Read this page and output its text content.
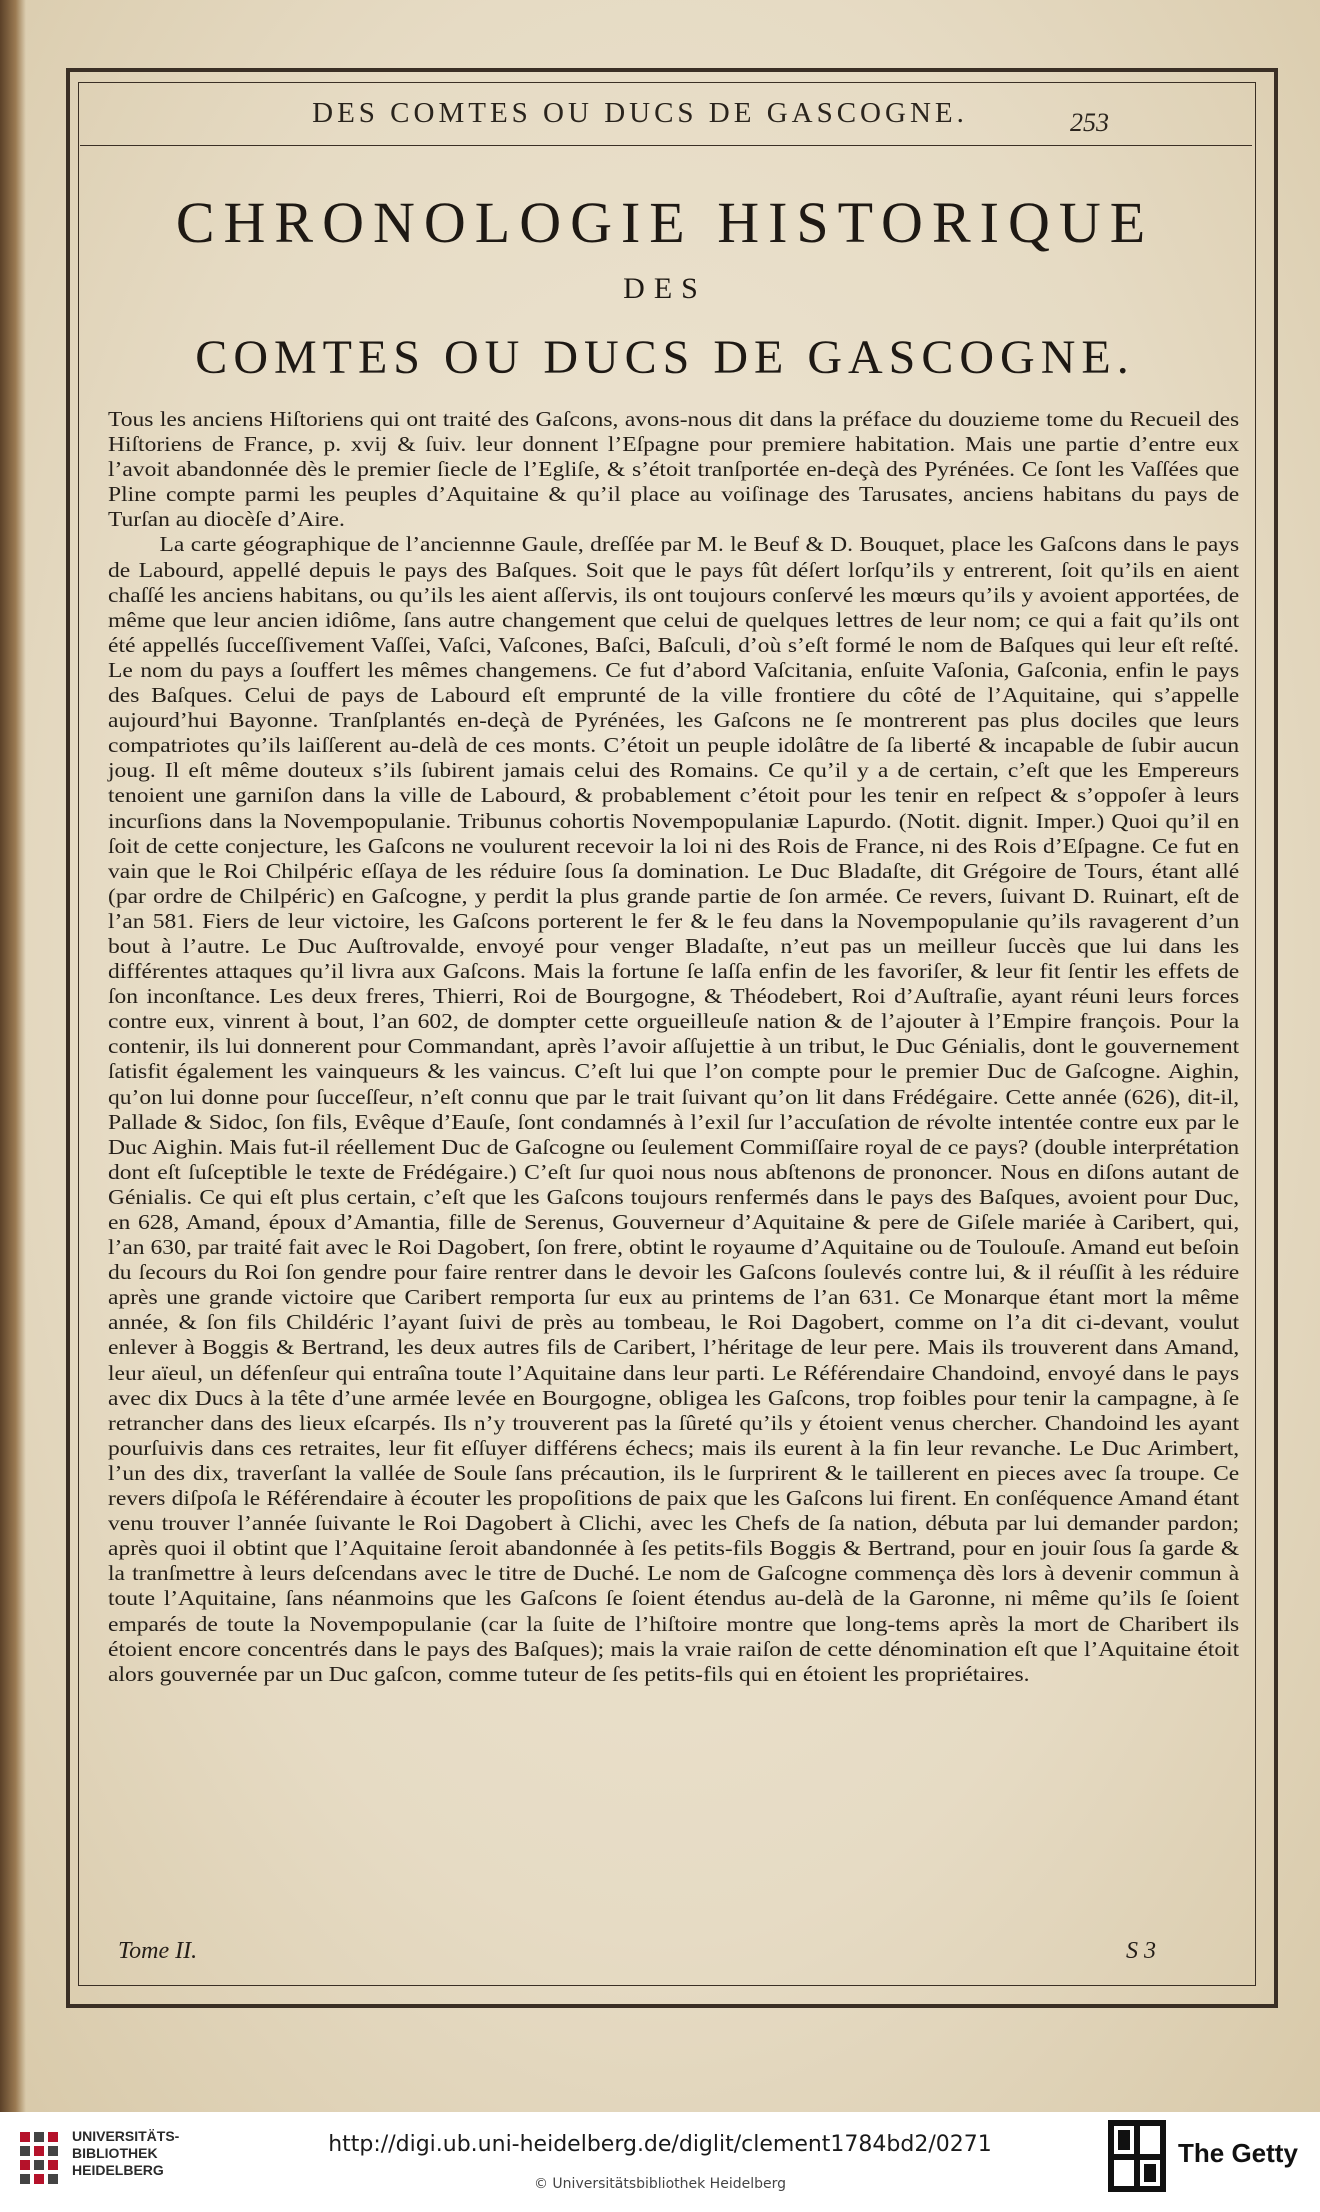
DES COMTES OU DUCS DE GASCOGNE.	253
CHRONOLOGIE HISTORIQUE
DES
COMTES OU DUCS DE GASCOGNE.

Tous les anciens Hiſtoriens qui ont traité des Gaſcons, avons-nous dit dans la préface du douzieme tome du Recueil des Hiſtoriens de France, p. xvij & ſuiv. leur donnent l’Eſpagne pour premiere habitation. Mais une partie d’entre eux l’avoit abandonnée dès le premier ſiecle de l’Egliſe, & s’étoit tranſportée en-deçà des Pyrénées. Ce ſont les Vaſſées que Pline compte parmi les peuples d’Aquitaine & qu’il place au voiſinage des Tarusates, anciens habitans du pays de Turſan au diocèſe d’Aire.

La carte géographique de l’anciennne Gaule, dreſſée par M. le Beuf & D. Bouquet, place les Gaſcons dans le pays de Labourd, appellé depuis le pays des Baſques. Soit que le pays fût déſert lorſqu’ils y entrerent, ſoit qu’ils en aient chaſſé les anciens habitans, ou qu’ils les aient aſſervis, ils ont toujours conſervé les mœurs qu’ils y avoient apportées, de même que leur ancien idiôme, ſans autre changement que celui de quelques lettres de leur nom; ce qui a fait qu’ils ont été appellés ſucceſſivement Vaſſei, Vaſci, Vaſcones, Baſci, Baſculi, d’où s’eſt formé le nom de Baſques qui leur eſt reſté. Le nom du pays a ſouffert les mêmes changemens. Ce fut d’abord Vaſcitania, enſuite Vaſonia, Gaſconia, enfin le pays des Baſques. Celui de pays de Labourd eſt emprunté de la ville frontiere du côté de l’Aquitaine, qui s’appelle aujourd’hui Bayonne. Tranſplantés en-deçà de Pyrénées, les Gaſcons ne ſe montrerent pas plus dociles que leurs compatriotes qu’ils laiſſerent au-delà de ces monts. C’étoit un peuple idolâtre de ſa liberté & incapable de ſubir aucun joug. Il eſt même douteux s’ils ſubirent jamais celui des Romains. Ce qu’il y a de certain, c’eſt que les Empereurs tenoient une garniſon dans la ville de Labourd, & probablement c’étoit pour les tenir en reſpect & s’oppoſer à leurs incurſions dans la Novempopulanie. Tribunus cohortis Novempopulaniæ Lapurdo. (Notit. dignit. Imper.) Quoi qu’il en ſoit de cette conjecture, les Gaſcons ne voulurent recevoir la loi ni des Rois de France, ni des Rois d’Eſpagne. Ce fut en vain que le Roi Chilpéric eſſaya de les réduire ſous ſa domination. Le Duc Bladaſte, dit Grégoire de Tours, étant allé (par ordre de Chilpéric) en Gaſcogne, y perdit la plus grande partie de ſon armée. Ce revers, ſuivant D. Ruinart, eſt de l’an 581. Fiers de leur victoire, les Gaſcons porterent le fer & le feu dans la Novempopulanie qu’ils ravagerent d’un bout à l’autre. Le Duc Auſtrovalde, envoyé pour venger Bladaſte, n’eut pas un meilleur ſuccès que lui dans les différentes attaques qu’il livra aux Gaſcons. Mais la fortune ſe laſſa enfin de les favoriſer, & leur fit ſentir les effets de ſon inconſtance. Les deux freres, Thierri, Roi de Bourgogne, & Théodebert, Roi d’Auſtraſie, ayant réuni leurs forces contre eux, vinrent à bout, l’an 602, de dompter cette orgueilleuſe nation & de l’ajouter à l’Empire françois. Pour la contenir, ils lui donnerent pour Commandant, après l’avoir aſſujettie à un tribut, le Duc Génialis, dont le gouvernement ſatisfit également les vainqueurs & les vaincus. C’eſt lui que l’on compte pour le premier Duc de Gaſcogne. Aighin, qu’on lui donne pour ſucceſſeur, n’eſt connu que par le trait ſuivant qu’on lit dans Frédégaire. Cette année (626), dit-il, Pallade & Sidoc, ſon fils, Evêque d’Eauſe, ſont condamnés à l’exil ſur l’accuſation de révolte intentée contre eux par le Duc Aighin. Mais fut-il réellement Duc de Gaſcogne ou ſeulement Commiſſaire royal de ce pays? (double interprétation dont eſt ſuſceptible le texte de Frédégaire.) C’eſt ſur quoi nous nous abſtenons de prononcer. Nous en diſons autant de Génialis. Ce qui eſt plus certain, c’eſt que les Gaſcons toujours renfermés dans le pays des Baſques, avoient pour Duc, en 628, Amand, époux d’Amantia, fille de Serenus, Gouverneur d’Aquitaine & pere de Giſele mariée à Caribert, qui, l’an 630, par traité fait avec le Roi Dagobert, ſon frere, obtint le royaume d’Aquitaine ou de Toulouſe. Amand eut beſoin du ſecours du Roi ſon gendre pour faire rentrer dans le devoir les Gaſcons ſoulevés contre lui, & il réuſſit à les réduire après une grande victoire que Caribert remporta ſur eux au printems de l’an 631. Ce Monarque étant mort la même année, & ſon fils Childéric l’ayant ſuivi de près au tombeau, le Roi Dagobert, comme on l’a dit ci-devant, voulut enlever à Boggis & Bertrand, les deux autres fils de Caribert, l’héritage de leur pere. Mais ils trouverent dans Amand, leur aïeul, un défenſeur qui entraîna toute l’Aquitaine dans leur parti. Le Référendaire Chandoind, envoyé dans le pays avec dix Ducs à la tête d’une armée levée en Bourgogne, obligea les Gaſcons, trop foibles pour tenir la campagne, à ſe retrancher dans des lieux eſcarpés. Ils n’y trouverent pas la ſûreté qu’ils y étoient venus chercher. Chandoind les ayant pourſuivis dans ces retraites, leur fit eſſuyer différens échecs; mais ils eurent à la fin leur revanche. Le Duc Arimbert, l’un des dix, traverſant la vallée de Soule ſans précaution, ils le ſurprirent & le taillerent en pieces avec ſa troupe. Ce revers diſpoſa le Référendaire à écouter les propoſitions de paix que les Gaſcons lui firent. En conſéquence Amand étant venu trouver l’année ſuivante le Roi Dagobert à Clichi, avec les Chefs de ſa nation, débuta par lui demander pardon; après quoi il obtint que l’Aquitaine ſeroit abandonnée à ſes petits-fils Boggis & Bertrand, pour en jouir ſous ſa garde & la tranſmettre à leurs deſcendans avec le titre de Duché. Le nom de Gaſcogne commença dès lors à devenir commun à toute l’Aquitaine, ſans néanmoins que les Gaſcons ſe ſoient étendus au-delà de la Garonne, ni même qu’ils ſe ſoient emparés de toute la Novempopulanie (car la ſuite de l’hiſtoire montre que long-tems après la mort de Charibert ils étoient encore concentrés dans le pays des Baſques); mais la vraie raiſon de cette dénomination eſt que l’Aquitaine étoit alors gouvernée par un Duc gaſcon, comme tuteur de ſes petits-fils qui en étoient les propriétaires.

Tome II.	S 3
UNIVERSITÄTS-
BIBLIOTHEK
HEIDELBERG
http://digi.ub.uni-heidelberg.de/diglit/clement1784bd2/0271
© Universitätsbibliothek Heidelberg
The Getty
